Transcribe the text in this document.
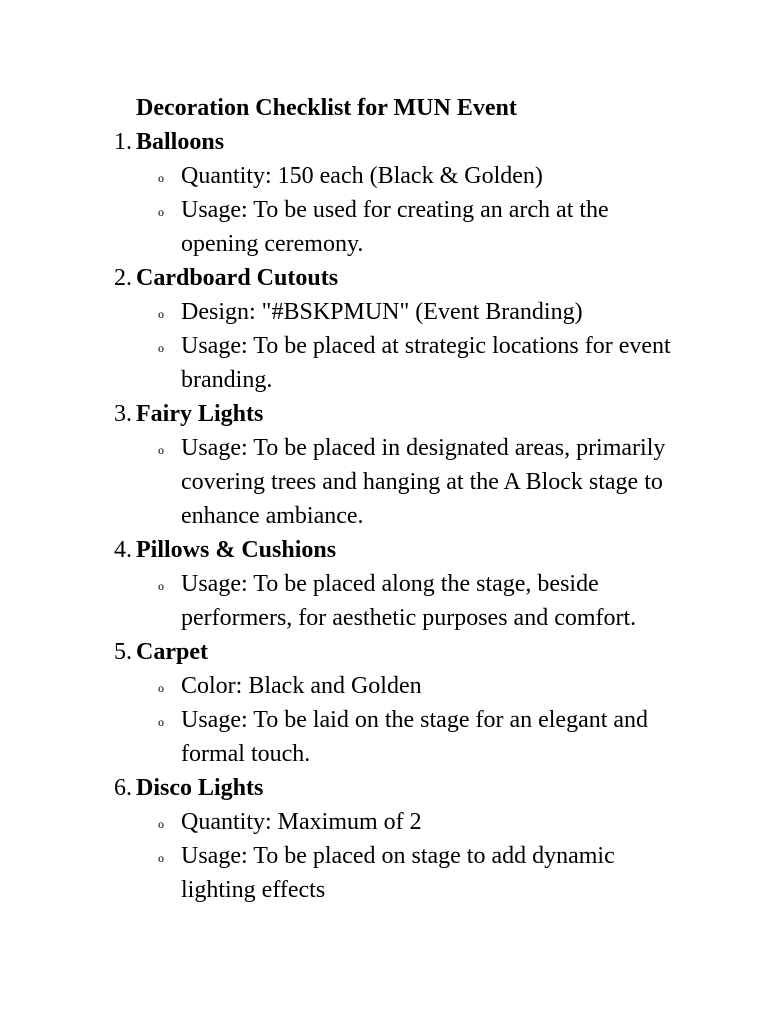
Decoration Checklist for MUN Event
1. Balloons
o Quantity: 150 each (Black & Golden)
o Usage: To be used for creating an arch at the opening ceremony.
2. Cardboard Cutouts
o Design: "#BSKPMUN" (Event Branding)
o Usage: To be placed at strategic locations for event branding.
3. Fairy Lights
o Usage: To be placed in designated areas, primarily covering trees and hanging at the A Block stage to enhance ambiance.
4. Pillows & Cushions
o Usage: To be placed along the stage, beside performers, for aesthetic purposes and comfort.
5. Carpet
o Color: Black and Golden
o Usage: To be laid on the stage for an elegant and formal touch.
6. Disco Lights
o Quantity: Maximum of 2
o Usage: To be placed on stage to add dynamic lighting effects
